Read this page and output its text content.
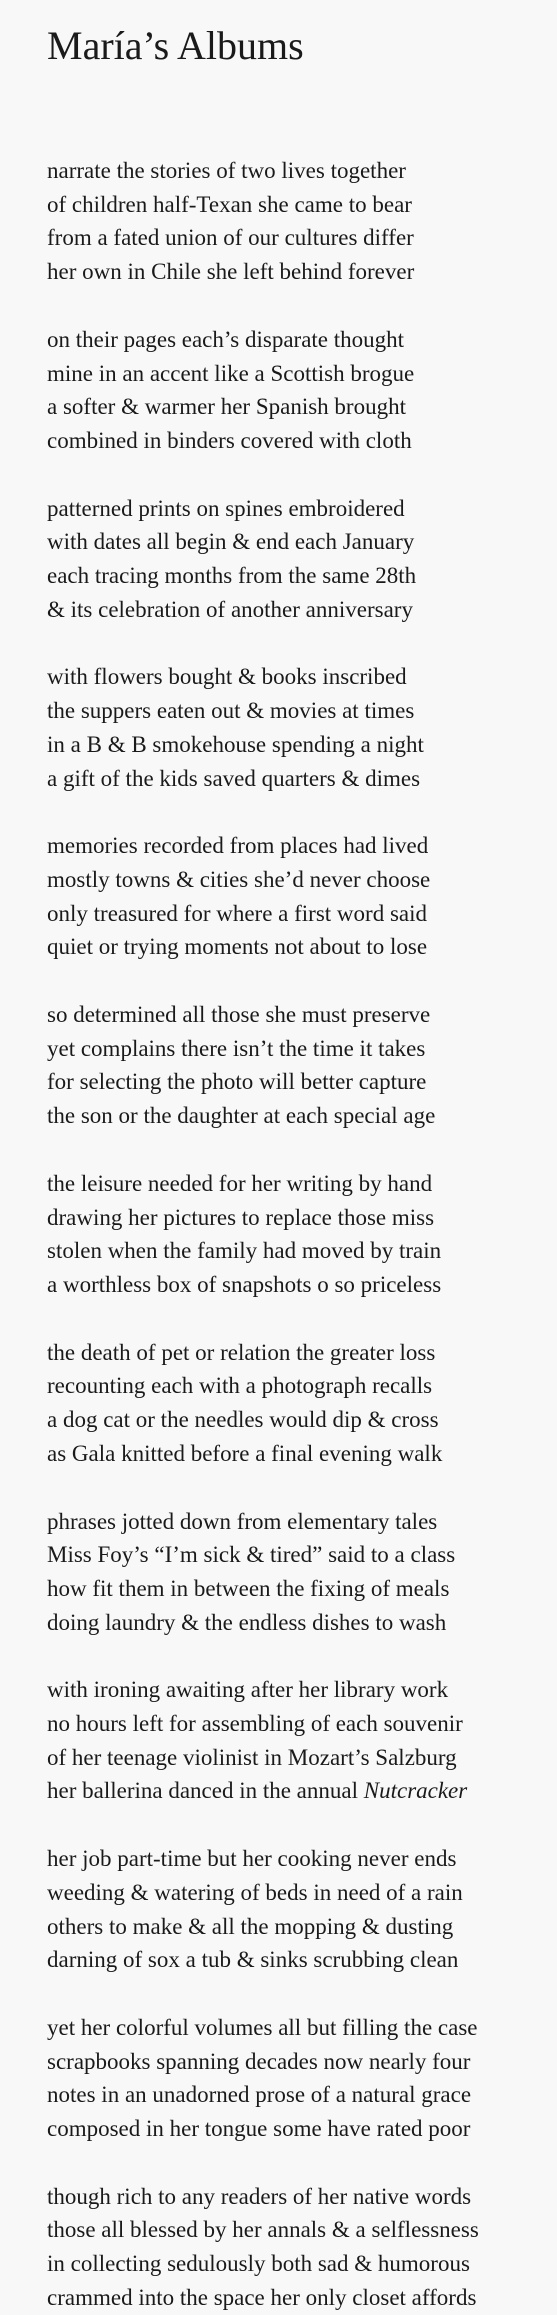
María’s Albums
narrate the stories of two lives together
of children half-Texan she came to bear
from a fated union of our cultures differ
her own in Chile she left behind forever
on their pages each’s disparate thought
mine in an accent like a Scottish brogue
a softer & warmer her Spanish brought
combined in binders covered with cloth
patterned prints on spines embroidered
with dates all begin & end each January
each tracing months from the same 28th
& its celebration of another anniversary
with flowers bought & books inscribed
the suppers eaten out & movies at times
in a B & B smokehouse spending a night
a gift of the kids saved quarters & dimes
memories recorded from places had lived
mostly towns & cities she’d never choose
only treasured for where a first word said
quiet or trying moments not about to lose
so determined all those she must preserve
yet complains there isn’t the time it takes
for selecting the photo will better capture
the son or the daughter at each special age
the leisure needed for her writing by hand
drawing her pictures to replace those miss
stolen when the family had moved by train
a worthless box of snapshots o so priceless
the death of pet or relation the greater loss
recounting each with a photograph recalls
a dog cat or the needles would dip & cross
as Gala knitted before a final evening walk
phrases jotted down from elementary tales
Miss Foy’s “I’m sick & tired” said to a class
how fit them in between the fixing of meals
doing laundry & the endless dishes to wash
with ironing awaiting after her library work
no hours left for assembling of each souvenir
of her teenage violinist in Mozart’s Salzburg
her ballerina danced in the annual Nutcracker
her job part-time but her cooking never ends
weeding & watering of beds in need of a rain
others to make & all the mopping & dusting
darning of sox a tub & sinks scrubbing clean
yet her colorful volumes all but filling the case
scrapbooks spanning decades now nearly four
notes in an unadorned prose of a natural grace
composed in her tongue some have rated poor
though rich to any readers of her native words
those all blessed by her annals & a selflessness
in collecting sedulously both sad & humorous
crammed into the space her only closet affords
